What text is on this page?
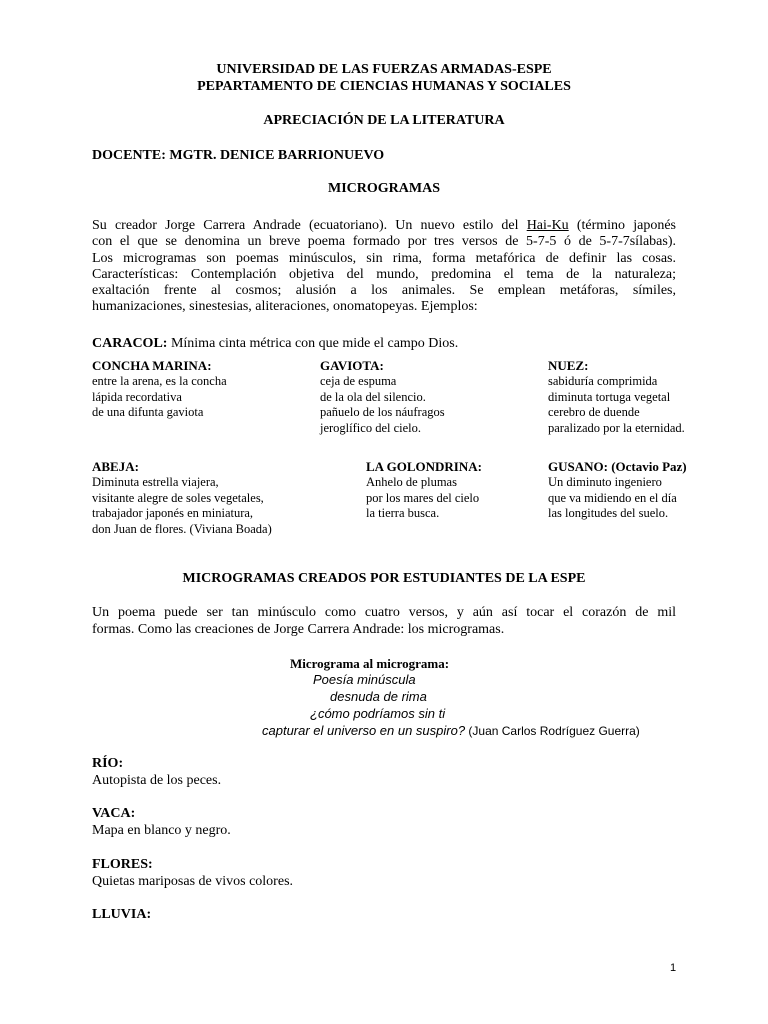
UNIVERSIDAD DE LAS FUERZAS ARMADAS-ESPE
PEPARTAMENTO DE CIENCIAS HUMANAS Y SOCIALES
APRECIACIÓN DE LA LITERATURA
DOCENTE: MGTR. DENICE BARRIONUEVO
MICROGRAMAS
Su creador Jorge Carrera Andrade (ecuatoriano). Un nuevo estilo del Hai-Ku (término japonés
con el que se denomina un breve poema formado por tres versos de 5-7-5 ó de 5-7-7sílabas).
Los microgramas son poemas minúsculos, sin rima, forma metafórica de definir las cosas.
Características: Contemplación objetiva del mundo, predomina el tema de la naturaleza;
exaltación frente al cosmos; alusión a los animales. Se emplean metáforas, símiles,
humanizaciones, sinestesias, aliteraciones, onomatopeyas. Ejemplos:
CARACOL: Mínima cinta métrica con que mide el campo Dios.
CONCHA MARINA:
entre la arena, es la concha
lápida recordativa
de una difunta gaviota
GAVIOTA:
ceja de espuma
de la ola del silencio.
pañuelo de los náufragos
jeroglífico del cielo.
NUEZ:
sabiduría comprimida
diminuta tortuga vegetal
cerebro de duende
paralizado por la eternidad.
ABEJA:
Diminuta estrella viajera,
visitante alegre de soles vegetales,
trabajador japonés en miniatura,
don Juan de flores. (Viviana Boada)
LA GOLONDRINA:
Anhelo de plumas
por los mares del cielo
la tierra busca.
GUSANO: (Octavio Paz)
Un diminuto ingeniero
que va midiendo en el día
las longitudes del suelo.
MICROGRAMAS CREADOS POR ESTUDIANTES DE LA ESPE
Un poema puede ser tan minúsculo como cuatro versos, y aún así tocar el corazón de mil
formas. Como las creaciones de Jorge Carrera Andrade: los microgramas.
Micrograma al micrograma:
Poesía minúscula
desnuda de rima
¿cómo podríamos sin ti
capturar el universo en un suspiro? (Juan Carlos Rodríguez Guerra)
RÍO:
Autopista de los peces.
VACA:
Mapa en blanco y negro.
FLORES:
Quietas mariposas de vivos colores.
LLUVIA:
1
